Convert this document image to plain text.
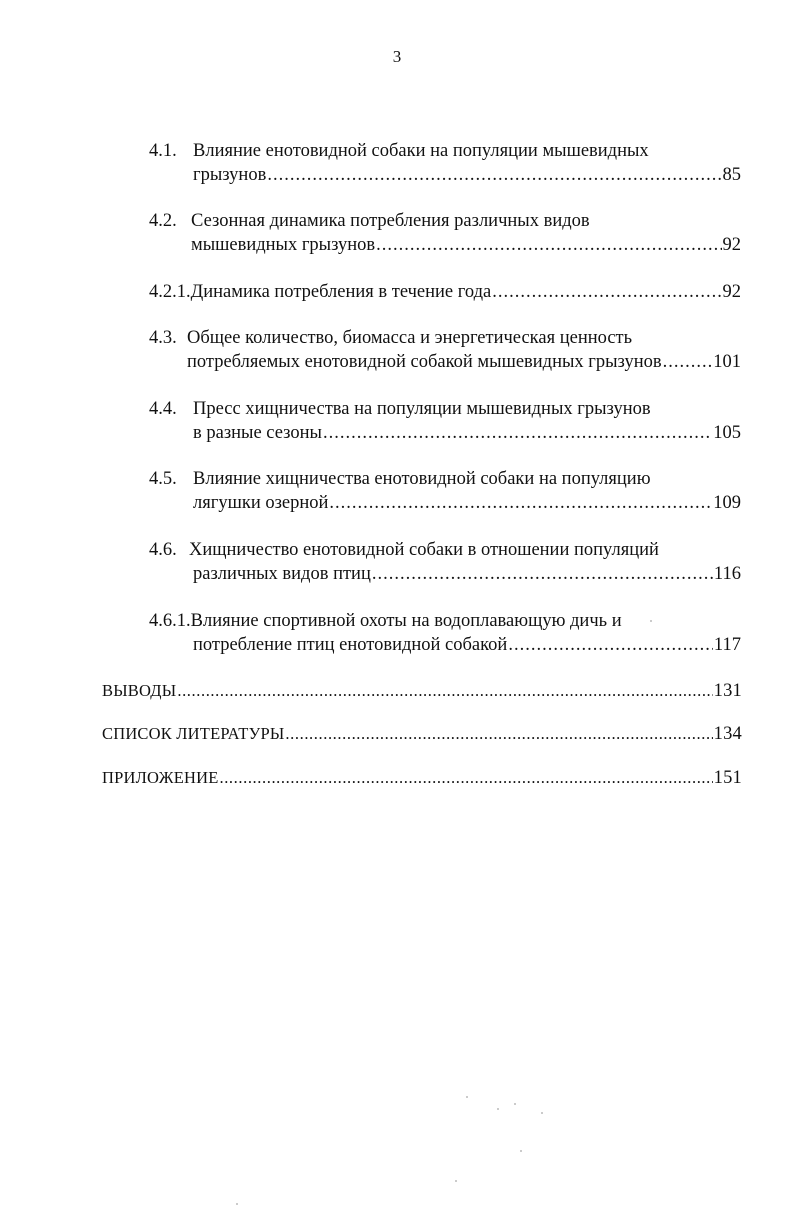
3
4.1. Влияние енотовидной собаки на популяции мышевидных
грызунов .....	85
4.2. Сезонная динамика потребления различных видов
мышевидных грызунов .....	92
4.2.1. Динамика потребления в течение года .....	92
4.3. Общее количество, биомасса и энергетическая ценность
потребляемых енотовидной собакой мышевидных грызунов .....	101
4.4. Пресс хищничества на популяции мышевидных грызунов
в разные сезоны .....	105
4.5. Влияние хищничества енотовидной собаки на популяцию
лягушки озерной .....	109
4.6. Хищничество енотовидной собаки в отношении популяций
различных видов птиц .....	116
4.6.1. Влияние спортивной охоты на водоплавающую дичь и
потребление птиц енотовидной собакой .....	117
ВЫВОДЫ .....	131
СПИСОК ЛИТЕРАТУРЫ .....	134
ПРИЛОЖЕНИЕ .....	151
